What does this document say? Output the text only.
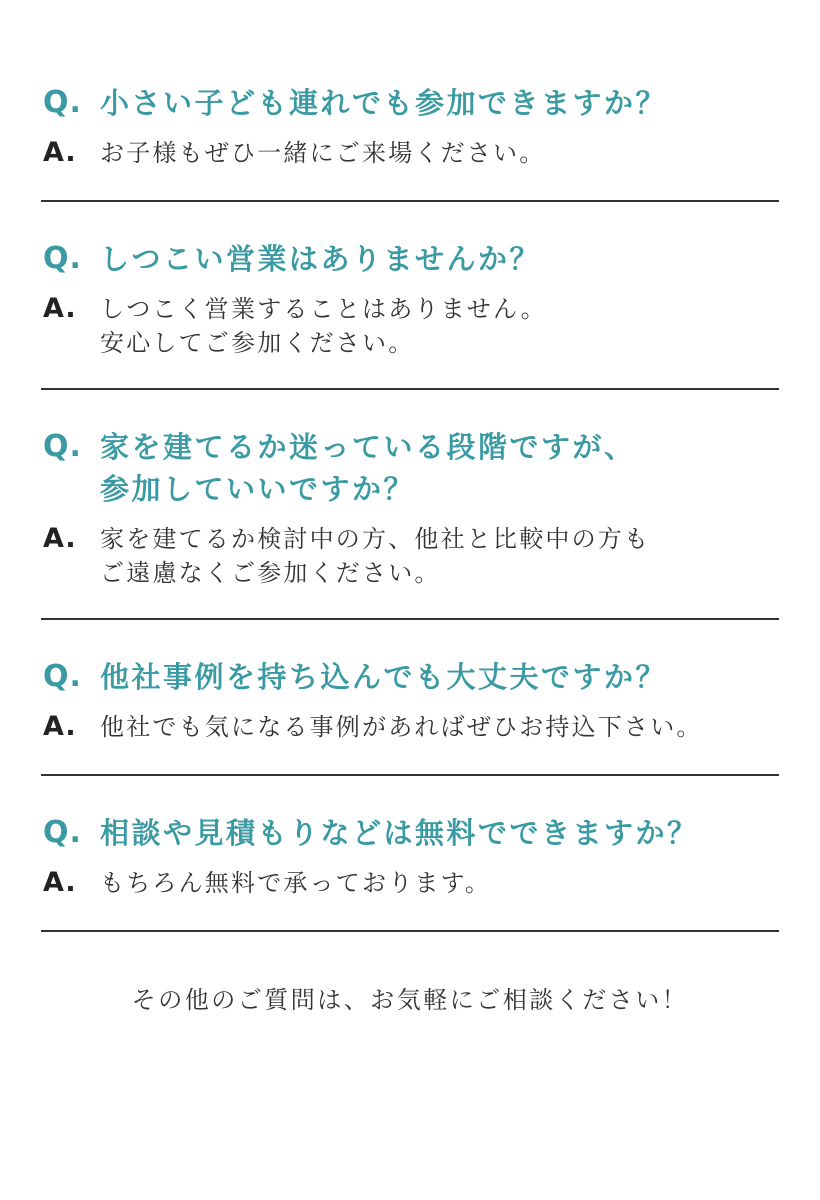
Q. 小さい子ども連れでも参加できますか？
A. お子様もぜひ一緒にご来場ください。
Q. しつこい営業はありませんか？
A. しつこく営業することはありません。
安心してご参加ください。
Q. 家を建てるか迷っている段階ですが、
参加していいですか？
A. 家を建てるか検討中の方、他社と比較中の方も
ご遠慮なくご参加ください。
Q. 他社事例を持ち込んでも大丈夫ですか？
A. 他社でも気になる事例があればぜひお持込下さい。
Q. 相談や見積もりなどは無料でできますか？
A. もちろん無料で承っております。
その他のご質問は、お気軽にご相談ください！
